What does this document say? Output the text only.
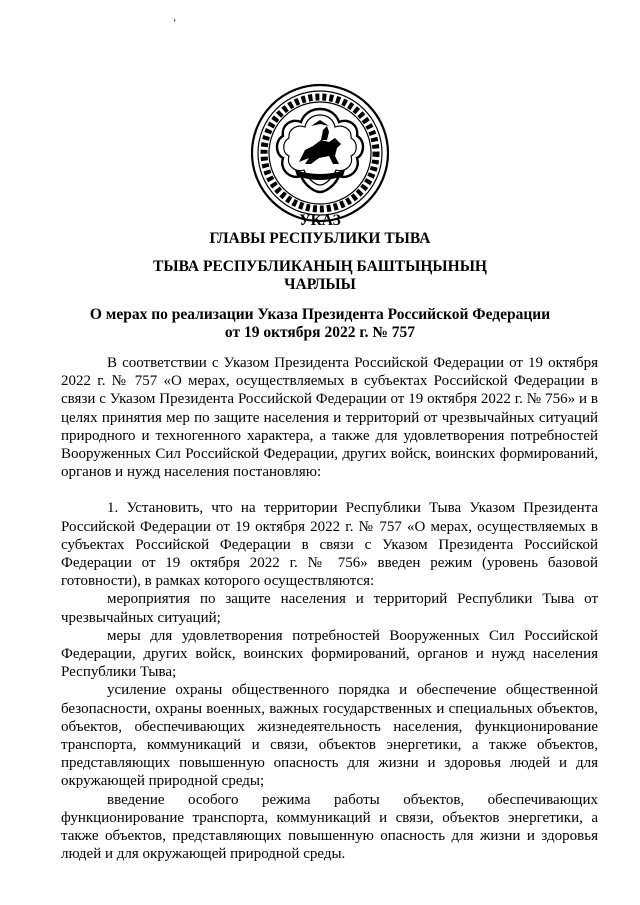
‘
УКАЗ
ГЛАВЫ РЕСПУБЛИКИ ТЫВА
ТЫВА РЕСПУБЛИКАНЫҢ БАШТЫҢЫНЫҢ
ЧАРЛЫЫ
О мерах по реализации Указа Президента Российской Федерации
от 19 октября 2022 г. № 757

В соответствии с Указом Президента Российской Федерации от 19 октября 2022 г. № 757 «О мерах, осуществляемых в субъектах Российской Федерации в связи с Указом Президента Российской Федерации от 19 октября 2022 г. № 756» и в целях принятия мер по защите населения и территорий от чрезвычайных ситуаций природного и техногенного характера, а также для удовлетворения потребностей Вооруженных Сил Российской Федерации, других войск, воинских формирований, органов и нужд населения постановляю:

1. Установить, что на территории Республики Тыва Указом Президента Российской Федерации от 19 октября 2022 г. № 757 «О мерах, осуществляемых в субъектах Российской Федерации в связи с Указом Президента Российской Федерации от 19 октября 2022 г. № 756» введен режим (уровень базовой готовности), в рамках которого осуществляются:

мероприятия по защите населения и территорий Республики Тыва от чрезвычайных ситуаций;

меры для удовлетворения потребностей Вооруженных Сил Российской Федерации, других войск, воинских формирований, органов и нужд населения Республики Тыва;

усиление охраны общественного порядка и обеспечение общественной безопасности, охраны военных, важных государственных и специальных объектов, объектов, обеспечивающих жизнедеятельность населения, функционирование транспорта, коммуникаций и связи, объектов энергетики, а также объектов, представляющих повышенную опасность для жизни и здоровья людей и для окружающей природной среды;

введение особого режима работы объектов, обеспечивающих функционирование транспорта, коммуникаций и связи, объектов энергетики, а также объектов, представляющих повышенную опасность для жизни и здоровья людей и для окружающей природной среды.
